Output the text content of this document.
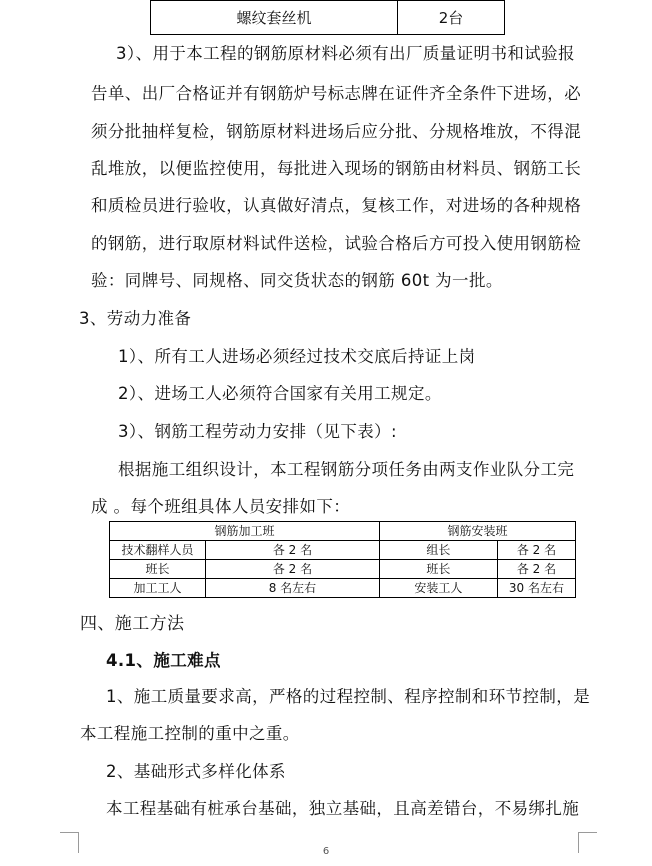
螺纹套丝机	2台
3）、用于本工程的钢筋原材料必须有出厂质量证明书和试验报
告单、出厂合格证并有钢筋炉号标志牌在证件齐全条件下进场，必
须分批抽样复检，钢筋原材料进场后应分批、分规格堆放，不得混
乱堆放，以便监控使用，每批进入现场的钢筋由材料员、钢筋工长
和质检员进行验收，认真做好清点，复核工作，对进场的各种规格
的钢筋，进行取原材料试件送检，试验合格后方可投入使用钢筋检
验：同牌号、同规格、同交货状态的钢筋 60t 为一批。
3、劳动力准备
1）、所有工人进场必须经过技术交底后持证上岗
2）、进场工人必须符合国家有关用工规定。
3）、钢筋工程劳动力安排（见下表）:
根据施工组织设计，本工程钢筋分项任务由两支作业队分工完
成 。每个班组具体人员安排如下：
钢筋加工班		钢筋安装班	
技术翻样人员	各 2 名	组长	各 2 名
班长	各 2 名	班长	各 2 名
加工工人	8 名左右	安装工人	30 名左右
四、施工方法
4.1、施工难点
1、施工质量要求高，严格的过程控制、程序控制和环节控制，是
本工程施工控制的重中之重。
2、基础形式多样化体系
本工程基础有桩承台基础，独立基础，且高差错台，不易绑扎施
6
